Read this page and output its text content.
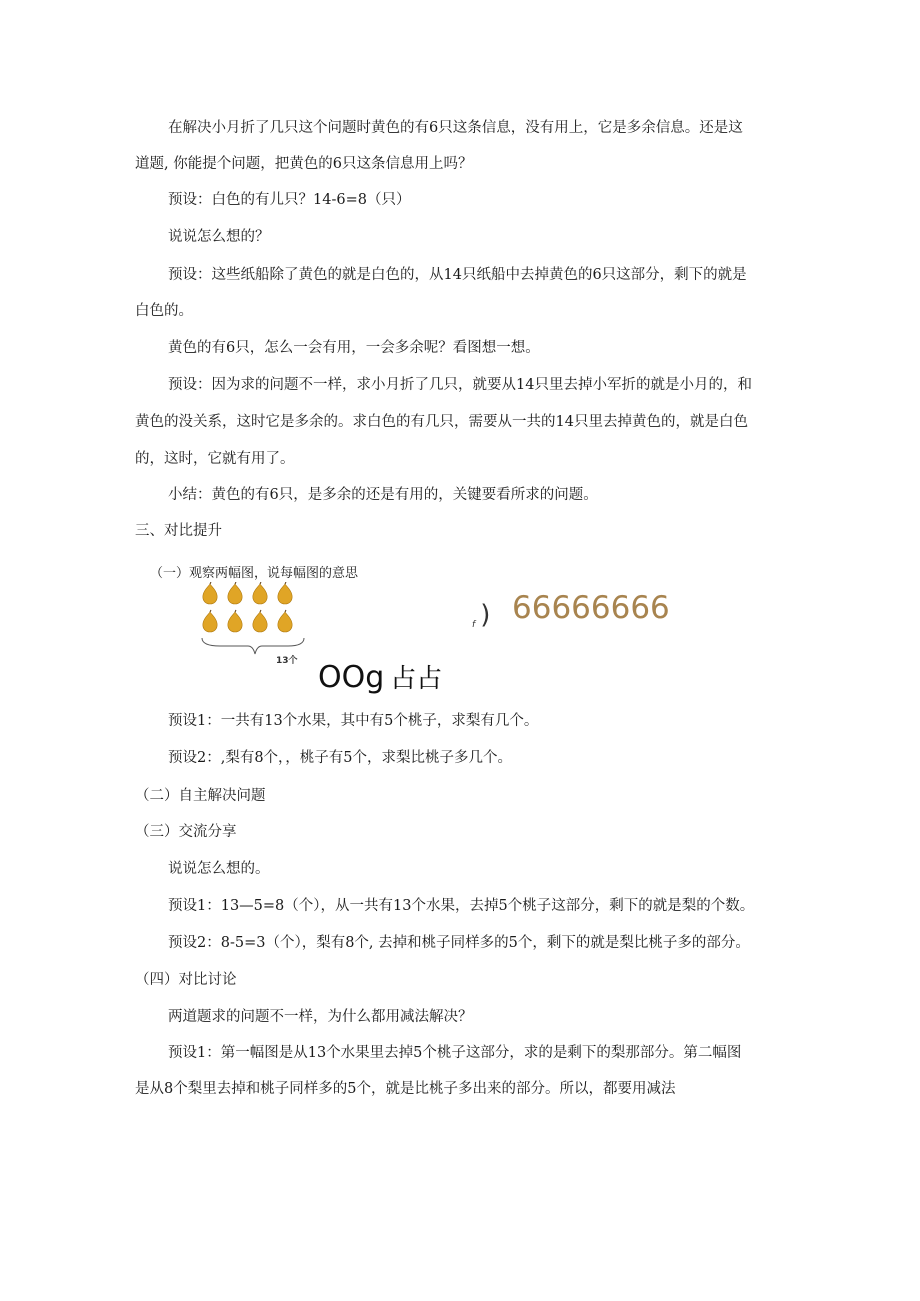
在解决小月折了几只这个问题时黄色的有6只这条信息，没有用上，它是多余信息。还是这
道题, 你能提个问题，把黄色的6只这条信息用上吗？
预设：白色的有儿只？14-6=8（只）
说说怎么想的？
预设：这些纸船除了黄色的就是白色的，从14只纸船中去掉黄色的6只这部分，剩下的就是
白色的。
黄色的有6只，怎么一会有用，一会多余呢？看图想一想。
预设：因为求的问题不一样，求小月折了几只，就要从14只里去掉小军折的就是小月的，和
黄色的没关系，这时它是多余的。求白色的有几只，需要从一共的14只里去掉黄色的，就是白色
的，这时，它就有用了。
小结：黄色的有6只，是多余的还是有用的，关键要看所求的问题。
三、对比提升
（一）观察两幅图，说每幅图的意思
13个
f ) 66666666
OOg 占占
预设1：一共有13个水果，其中有5个桃子，求梨有几个。
预设2：,梨有8个，，桃子有5个，求梨比桃子多几个。
（二）自主解决问题
（三）交流分享
说说怎么想的。
预设1：13—5=8（个），从一共有13个水果，去掉5个桃子这部分，剩下的就是梨的个数。
预设2：8-5=3（个），梨有8个, 去掉和桃子同样多的5个，剩下的就是梨比桃子多的部分。
（四）对比讨论
两道题求的问题不一样，为什么都用减法解决？
预设1：第一幅图是从13个水果里去掉5个桃子这部分，求的是剩下的梨那部分。第二幅图
是从8个梨里去掉和桃子同样多的5个，就是比桃子多出来的部分。所以，都要用减法
